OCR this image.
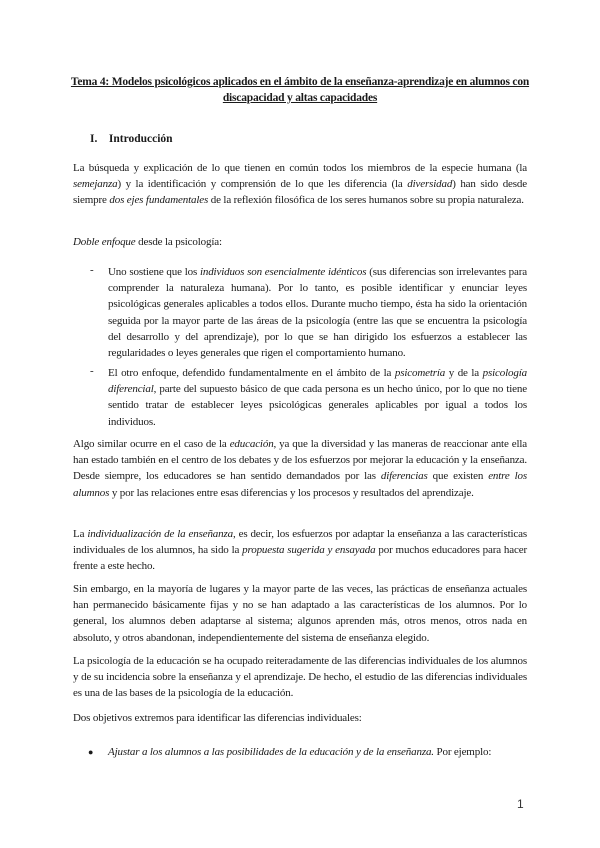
Tema 4: Modelos psicológicos aplicados en el ámbito de la enseñanza-aprendizaje en alumnos con discapacidad y altas capacidades
I. Introducción
La búsqueda y explicación de lo que tienen en común todos los miembros de la especie humana (la semejanza) y la identificación y comprensión de lo que les diferencia (la diversidad) han sido desde siempre dos ejes fundamentales de la reflexión filosófica de los seres humanos sobre su propia naturaleza.
Doble enfoque desde la psicología:
- Uno sostiene que los individuos son esencialmente idénticos (sus diferencias son irrelevantes para comprender la naturaleza humana). Por lo tanto, es posible identificar y enunciar leyes psicológicas generales aplicables a todos ellos. Durante mucho tiempo, ésta ha sido la orientación seguida por la mayor parte de las áreas de la psicología (entre las que se encuentra la psicología del desarrollo y del aprendizaje), por lo que se han dirigido los esfuerzos a establecer las regularidades o leyes generales que rigen el comportamiento humano.
- El otro enfoque, defendido fundamentalmente en el ámbito de la psicometría y de la psicología diferencial, parte del supuesto básico de que cada persona es un hecho único, por lo que no tiene sentido tratar de establecer leyes psicológicas generales aplicables por igual a todos los individuos.
Algo similar ocurre en el caso de la educación, ya que la diversidad y las maneras de reaccionar ante ella han estado también en el centro de los debates y de los esfuerzos por mejorar la educación y la enseñanza. Desde siempre, los educadores se han sentido demandados por las diferencias que existen entre los alumnos y por las relaciones entre esas diferencias y los procesos y resultados del aprendizaje.
La individualización de la enseñanza, es decir, los esfuerzos por adaptar la enseñanza a las características individuales de los alumnos, ha sido la propuesta sugerida y ensayada por muchos educadores para hacer frente a este hecho.
Sin embargo, en la mayoría de lugares y la mayor parte de las veces, las prácticas de enseñanza actuales han permanecido básicamente fijas y no se han adaptado a las características de los alumnos. Por lo general, los alumnos deben adaptarse al sistema; algunos aprenden más, otros menos, otros nada en absoluto, y otros abandonan, independientemente del sistema de enseñanza elegido.
La psicología de la educación se ha ocupado reiteradamente de las diferencias individuales de los alumnos y de su incidencia sobre la enseñanza y el aprendizaje. De hecho, el estudio de las diferencias individuales es una de las bases de la psicología de la educación.
Dos objetivos extremos para identificar las diferencias individuales:
● Ajustar a los alumnos a las posibilidades de la educación y de la enseñanza. Por ejemplo:
1
